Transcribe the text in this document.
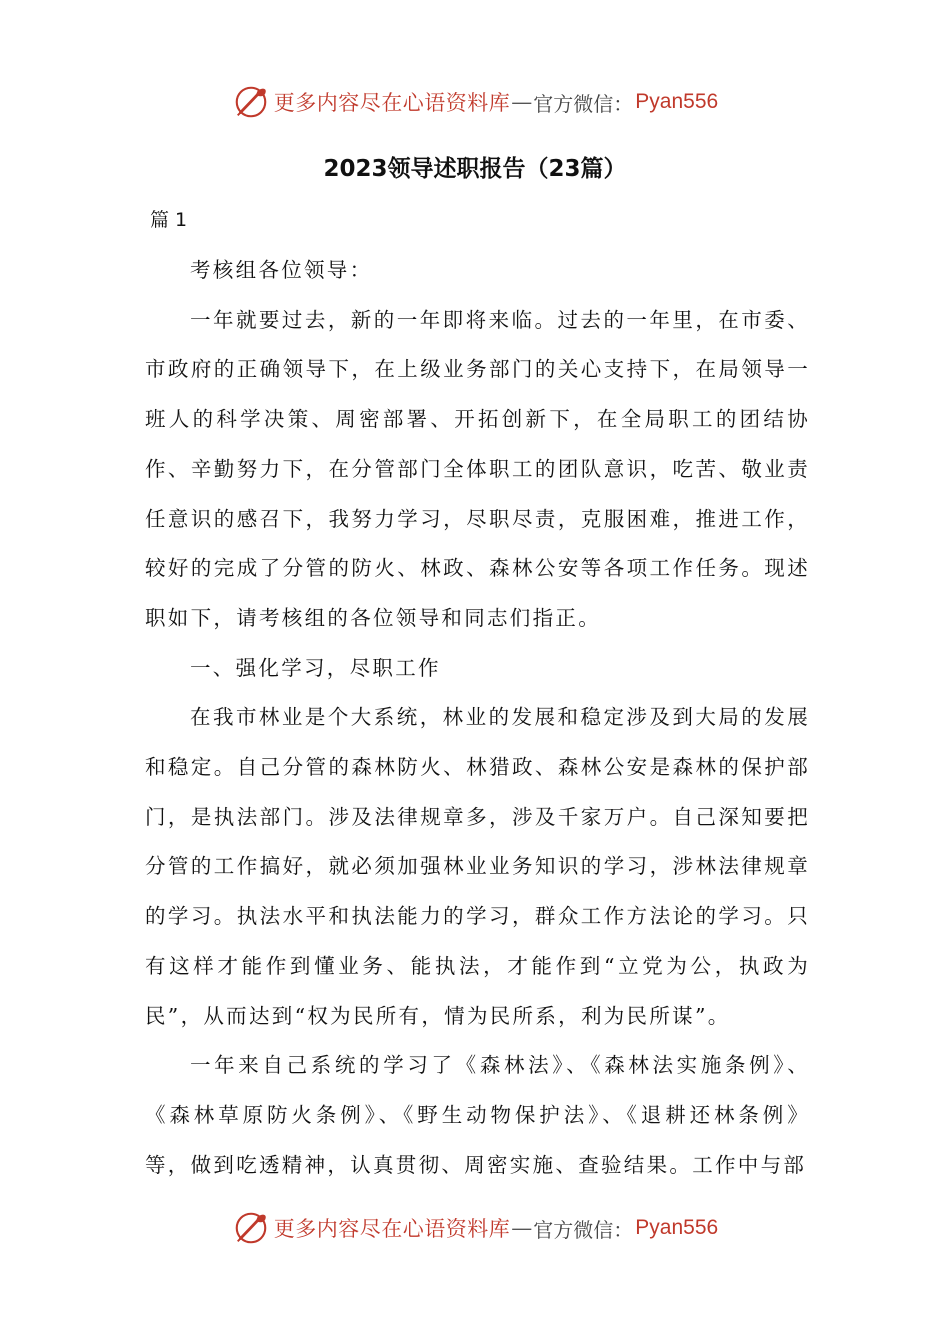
更多内容尽在心语资料库 — 官方微信： Pyan556
2023领导述职报告（23篇）
篇 1

考核组各位领导：

一年就要过去，新的一年即将来临。过去的一年里，在市委、市政府的正确领导下，在上级业务部门的关心支持下，在局领导一班人的科学决策、周密部署、开拓创新下，在全局职工的团结协作、辛勤努力下，在分管部门全体职工的团队意识，吃苦、敬业责任意识的感召下，我努力学习，尽职尽责，克服困难，推进工作，较好的完成了分管的防火、林政、森林公安等各项工作任务。现述职如下，请考核组的各位领导和同志们指正。

一、强化学习，尽职工作

在我市林业是个大系统，林业的发展和稳定涉及到大局的发展和稳定。自己分管的森林防火、林猎政、森林公安是森林的保护部门，是执法部门。涉及法律规章多，涉及千家万户。自己深知要把分管的工作搞好，就必须加强林业业务知识的学习，涉林法律规章的学习。执法水平和执法能力的学习，群众工作方法论的学习。只有这样才能作到懂业务、能执法，才能作到“立党为公，执政为民”，从而达到“权为民所有，情为民所系，利为民所谋”。

一年来自己系统的学习了《森林法》、《森林法实施条例》、《森林草原防火条例》、《野生动物保护法》、《退耕还林条例》等，做到吃透精神，认真贯彻、周密实施、查验结果。工作中与部

更多内容尽在心语资料库 — 官方微信： Pyan556
